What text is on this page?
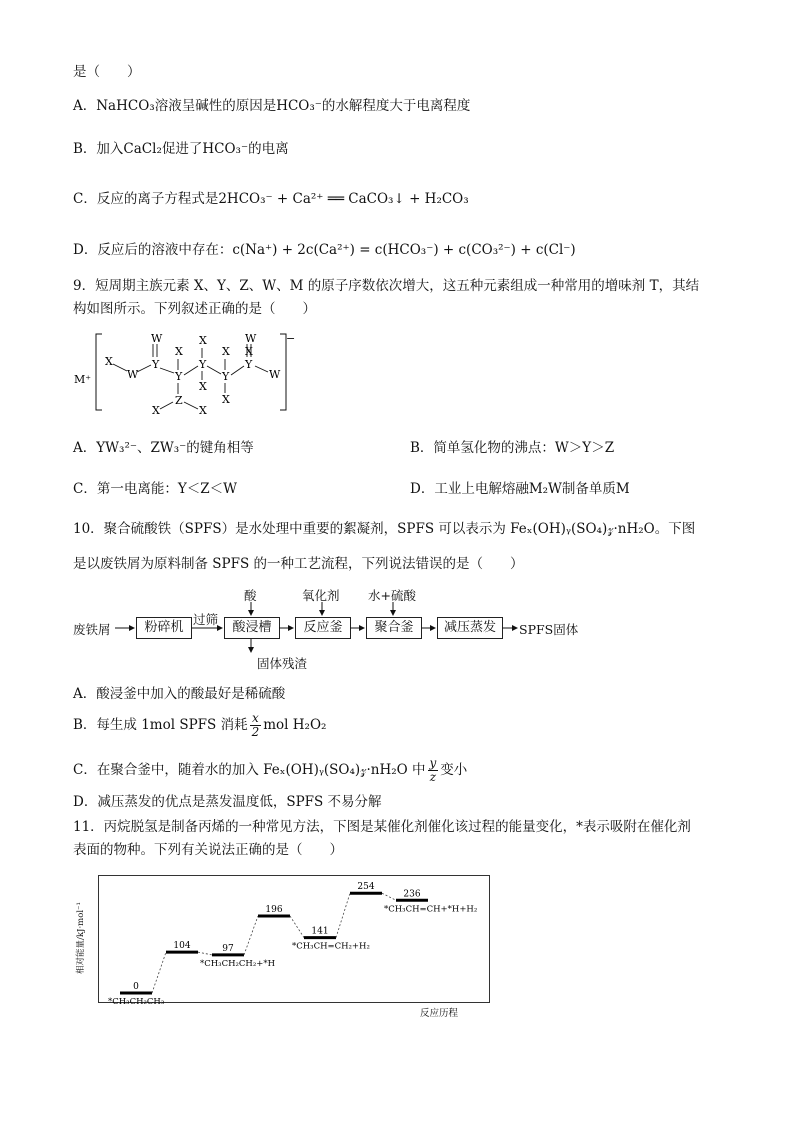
是（　　）
A．NaHCO₃溶液呈碱性的原因是HCO₃⁻的水解程度大于电离程度
B．加入CaCl₂促进了HCO₃⁻的电离
C．反应的离子方程式是2HCO₃⁻ + Ca²⁺ ══ CaCO₃↓ + H₂CO₃
D．反应后的溶液中存在：c(Na⁺) + 2c(Ca²⁺) = c(HCO₃⁻) + c(CO₃²⁻) + c(Cl⁻)
9．短周期主族元素 X、Y、Z、W、M 的原子序数依次增大，这五种元素组成一种常用的增味剂 T，其结
构如图所示。下列叙述正确的是（　　）
M⁺
−
W	W
X
W
Y
X
X
X X
Y
Y
Y
Y
X
W
X
X
Z
X
A．YW₃²⁻、ZW₃⁻的键角相等	B．简单氢化物的沸点：W＞Y＞Z
C．第一电离能：Y＜Z＜W	D．工业上电解熔融M₂W制备单质M
10．聚合硫酸铁（SPFS）是水处理中重要的絮凝剂，SPFS 可以表示为 Feₓ(OH)ᵧ(SO₄)𝓏·nH₂O。下图
是以废铁屑为原料制备 SPFS 的一种工艺流程，下列说法错误的是（　　）
废铁屑	粉碎机
过筛
酸浸槽
酸
固体残渣
反应釜
氧化剂
聚合釜
水+硫酸
减压蒸发	SPFS固体
A．酸浸釜中加入的酸最好是稀硫酸
B．每生成 1mol SPFS 消耗 $\frac{x}{2}$ mol H₂O₂
C．在聚合釜中，随着水的加入 Feₓ(OH)ᵧ(SO₄)𝓏·nH₂O 中 $\frac{y}{z}$ 变小
D．减压蒸发的优点是蒸发温度低，SPFS 不易分解
11．丙烷脱氢是制备丙烯的一种常见方法，下图是某催化剂催化该过程的能量变化，*表示吸附在催化剂
表面的物种。下列有关说法正确的是（　　）
相对能量/kJ·mol⁻¹
反应历程
0
*CH₃CH₂CH₃
104	97
*CH₃CH₂CH₂+*H
196
141
*CH₃CH=CH₂+H₂
254
236
*CH₃CH=CH+*H+H₂
